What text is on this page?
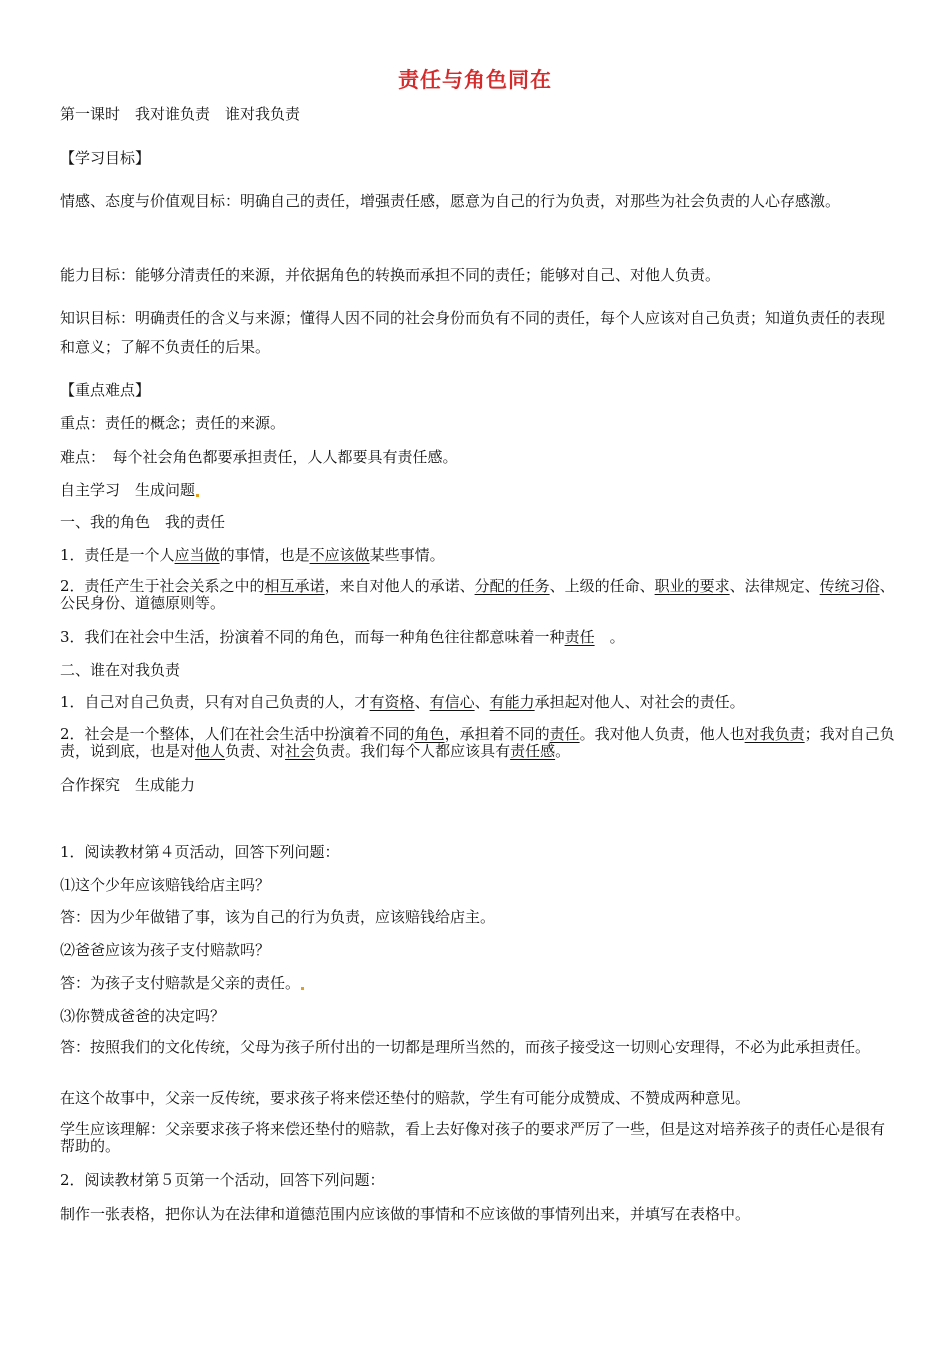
责任与角色同在
第一课时　我对谁负责　谁对我负责
【学习目标】
情感、态度与价值观目标：明确自己的责任，增强责任感，愿意为自己的行为负责，对那些为社会负责的人心存感激。
能力目标：能够分清责任的来源，并依据角色的转换而承担不同的责任；能够对自己、对他人负责。
知识目标：明确责任的含义与来源；懂得人因不同的社会身份而负有不同的责任，每个人应该对自己负责；知道负责任的表现和意义；了解不负责任的后果。
【重点难点】
重点：责任的概念；责任的来源。
难点：　每个社会角色都要承担责任，人人都要具有责任感。
自主学习　生成问题
一、我的角色　我的责任
1．责任是一个人应当做的事情，也是不应该做某些事情。
2．责任产生于社会关系之中的相互承诺，来自对他人的承诺、分配的任务、上级的任命、职业的要求、法律规定、传统习俗、公民身份、道德原则等。
3．我们在社会中生活，扮演着不同的角色，而每一种角色往往都意味着一种责任　。
二、谁在对我负责
1．自己对自己负责，只有对自己负责的人，才有资格、有信心、有能力承担起对他人、对社会的责任。
2．社会是一个整体，人们在社会生活中扮演着不同的角色，承担着不同的责任。我对他人负责，他人也对我负责；我对自己负责，说到底，也是对他人负责、对社会负责。我们每个人都应该具有责任感。
合作探究　生成能力
1．阅读教材第４页活动，回答下列问题：
⑴这个少年应该赔钱给店主吗？
答：因为少年做错了事，该为自己的行为负责，应该赔钱给店主。
⑵爸爸应该为孩子支付赔款吗？
答：为孩子支付赔款是父亲的责任。
⑶你赞成爸爸的决定吗？
答：按照我们的文化传统，父母为孩子所付出的一切都是理所当然的，而孩子接受这一切则心安理得，不必为此承担责任。
在这个故事中，父亲一反传统，要求孩子将来偿还垫付的赔款，学生有可能分成赞成、不赞成两种意见。
学生应该理解：父亲要求孩子将来偿还垫付的赔款，看上去好像对孩子的要求严厉了一些，但是这对培养孩子的责任心是很有帮助的。
2．阅读教材第５页第一个活动，回答下列问题：
制作一张表格，把你认为在法律和道德范围内应该做的事情和不应该做的事情列出来，并填写在表格中。
